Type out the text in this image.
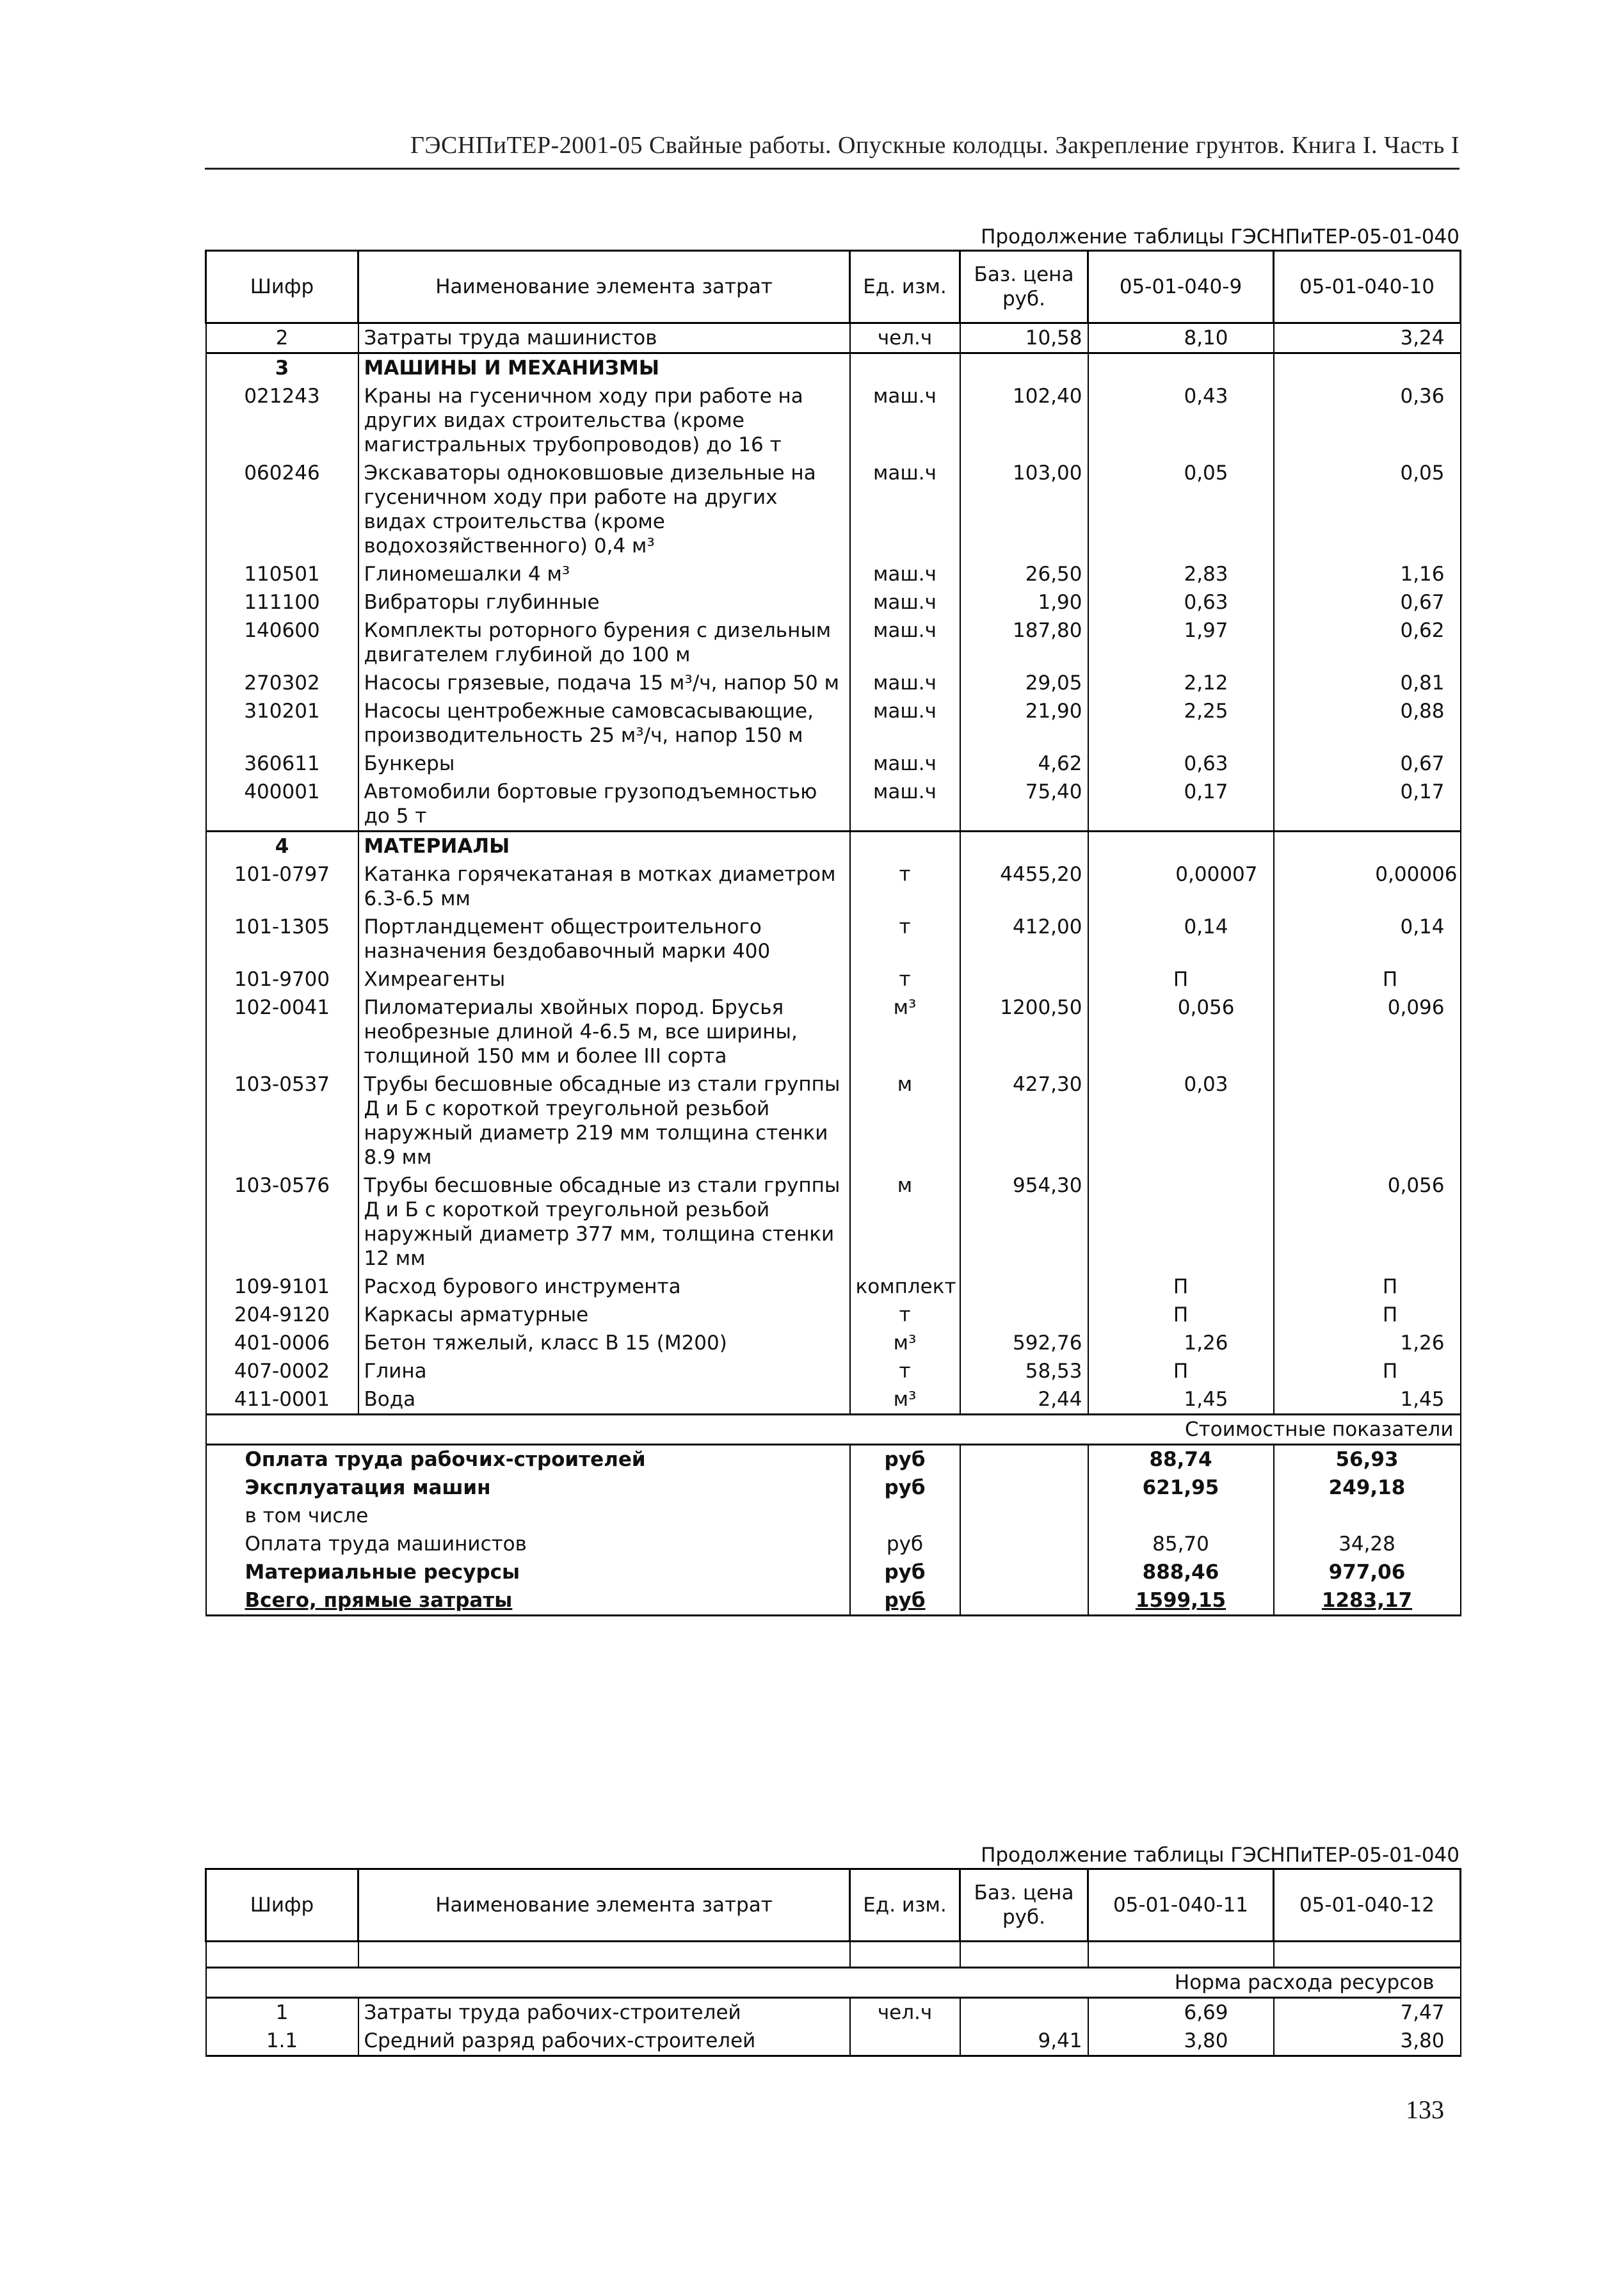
ГЭСНПиТЕР-2001-05 Свайные работы. Опускные колодцы. Закрепление грунтов. Книга I. Часть I
Продолжение таблицы ГЭСНПиТЕР-05-01-040
Шифр	Наименование элемента затрат	Ед. изм.	Баз. цена руб.	05-01-040-9	05-01-040-10
2	Затраты труда машинистов	чел.ч	10,58	8,10	3,24
3	МАШИНЫ И МЕХАНИЗМЫ				
021243	Краны на гусеничном ходу при работе на других видах строительства (кроме магистральных трубопроводов) до 16 т	маш.ч	102,40	0,43	0,36
060246	Экскаваторы одноковшовые дизельные на гусеничном ходу при работе на других видах строительства (кроме водохозяйственного) 0,4 м³	маш.ч	103,00	0,05	0,05
110501	Глиномешалки 4 м³	маш.ч	26,50	2,83	1,16
111100	Вибраторы глубинные	маш.ч	1,90	0,63	0,67
140600	Комплекты роторного бурения с дизельным двигателем глубиной до 100 м	маш.ч	187,80	1,97	0,62
270302	Насосы грязевые, подача 15 м³/ч, напор 50 м	маш.ч	29,05	2,12	0,81
310201	Насосы центробежные самовсасывающие, производительность 25 м³/ч, напор 150 м	маш.ч	21,90	2,25	0,88
360611	Бункеры	маш.ч	4,62	0,63	0,67
400001	Автомобили бортовые грузоподъемностью до 5 т	маш.ч	75,40	0,17	0,17
4	МАТЕРИАЛЫ				
101-0797	Катанка горячекатаная в мотках диаметром 6.3-6.5 мм	т	4455,20	0,00007	0,00006
101-1305	Портландцемент общестроительного назначения бездобавочный марки 400	т	412,00	0,14	0,14
101-9700	Химреагенты	т		П	П
102-0041	Пиломатериалы хвойных пород. Брусья необрезные длиной 4-6.5 м, все ширины, толщиной 150 мм и более III сорта	м³	1200,50	0,056	0,096
103-0537	Трубы бесшовные обсадные из стали группы Д и Б с короткой треугольной резьбой наружный диаметр 219 мм толщина стенки 8.9 мм	м	427,30	0,03	
103-0576	Трубы бесшовные обсадные из стали группы Д и Б с короткой треугольной резьбой наружный диаметр 377 мм, толщина стенки 12 мм	м	954,30		0,056
109-9101	Расход бурового инструмента	комплект		П	П
204-9120	Каркасы арматурные	т		П	П
401-0006	Бетон тяжелый, класс В 15 (М200)	м³	592,76	1,26	1,26
407-0002	Глина	т	58,53	П	П
411-0001	Вода	м³	2,44	1,45	1,45
Стоимостные показатели					
Оплата труда рабочих-строителей		руб		88,74	56,93
Эксплуатация машин		руб		621,95	249,18
в том числе					
Оплата труда машинистов		руб		85,70	34,28
Материальные ресурсы		руб		888,46	977,06
Всего, прямые затраты		руб		1599,15	1283,17
Продолжение таблицы ГЭСНПиТЕР-05-01-040
Шифр	Наименование элемента затрат	Ед. изм.	Баз. цена руб.	05-01-040-11	05-01-040-12

Норма расхода ресурсов					
1	Затраты труда рабочих-строителей	чел.ч		6,69	7,47
1.1	Средний разряд рабочих-строителей		9,41	3,80	3,80
133
